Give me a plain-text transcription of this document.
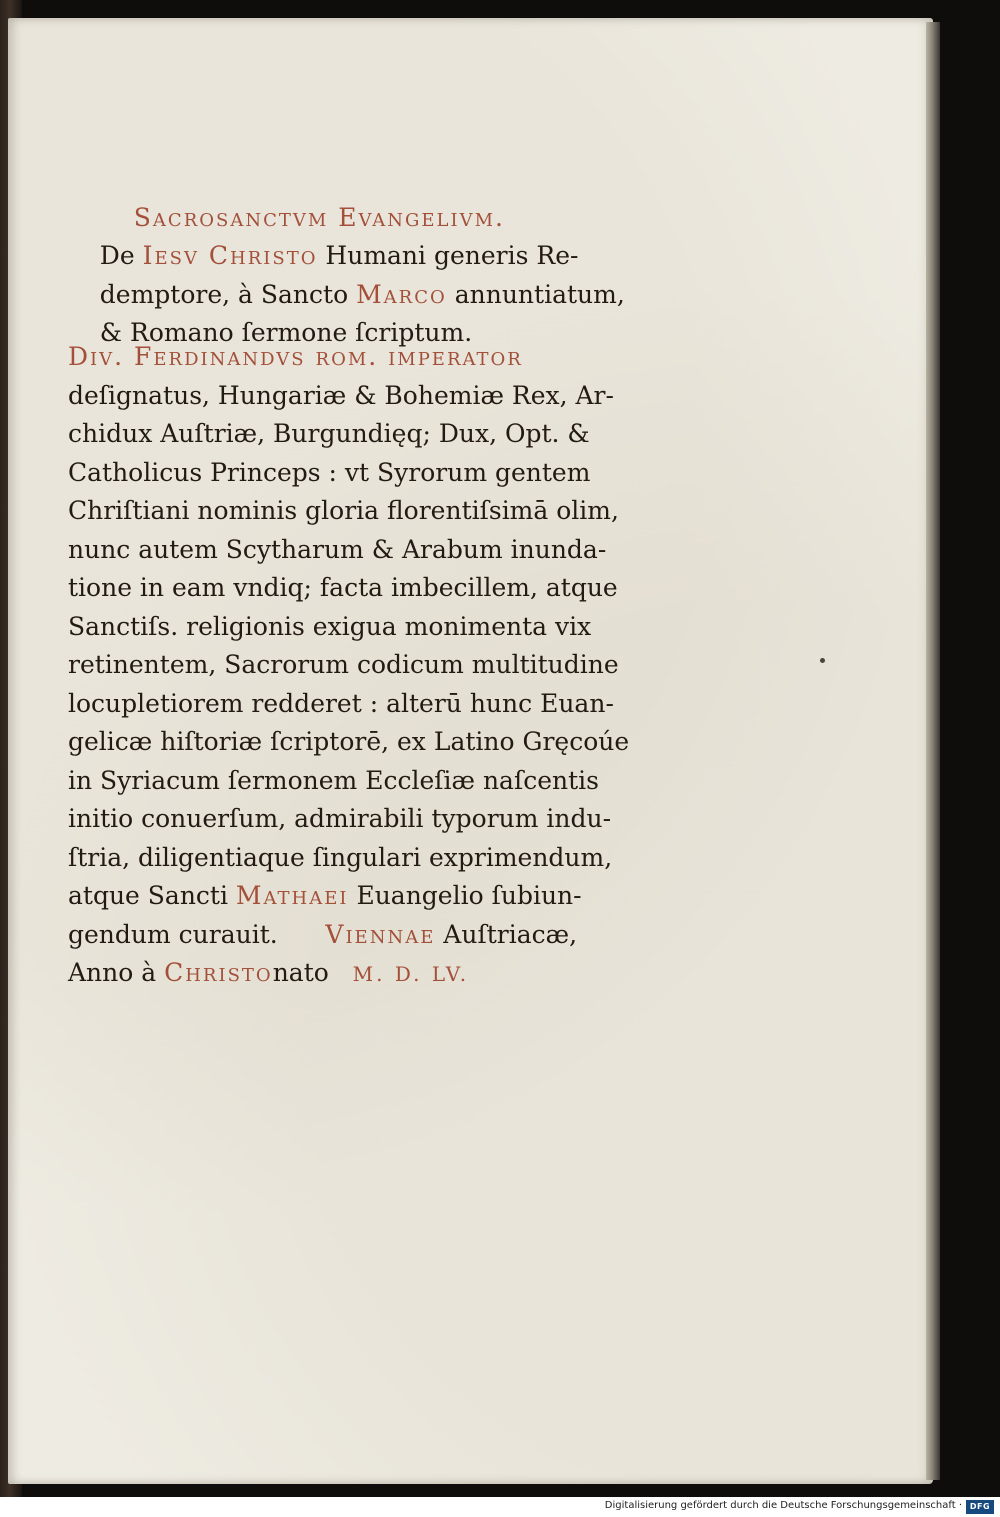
Sacrosanctvm Evangelivm.

De Iesv Christo Humani generis Re-

demptore, à Sancto Marco annuntiatum,

& Romano ſermone ſcriptum.

Div. Ferdinandvs rom. imperator
deſignatus, Hungariæ & Bohemiæ Rex, Ar-
chidux Auſtriæ, Burgundięq; Dux, Opt. &
Catholicus Princeps : vt Syrorum gentem
Chriſtiani nominis gloria florentiſsimā olim,
nunc autem Scytharum & Arabum inunda-
tione in eam vndiq; facta imbecillem, atque
Sanctiſs. religionis exigua monimenta vix
retinentem, Sacrorum codicum multitudine
locupletiorem redderet : alterū hunc Euan-
gelicæ hiſtoriæ ſcriptorē, ex Latino Gręcoúe
in Syriacum ſermonem Eccleſiæ naſcentis
initio conuerſum, admirabili typorum indu-
ſtria, diligentiaque ſingulari exprimendum,
atque Sancti Mathaei Euangelio ſubiun-
gendum curauit.      Viennae Auſtriacæ,
Anno à Christonato   M. D. LV.
Digitalisierung gefördert durch die Deutsche Forschungsgemeinschaft · DFG
